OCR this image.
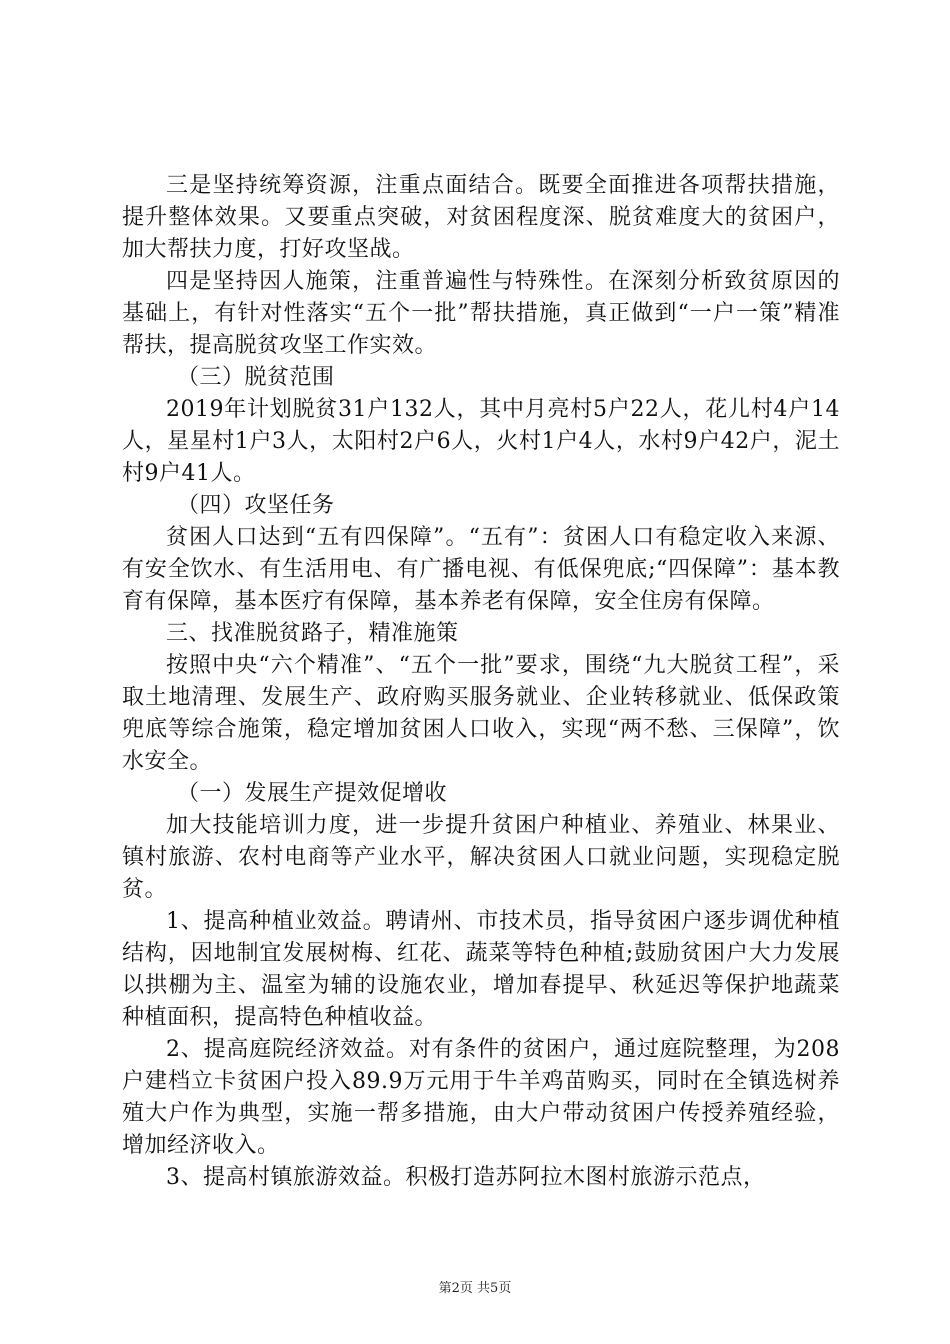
三是坚持统筹资源，注重点面结合。既要全面推进各项帮扶措施，提升整体效果。又要重点突破，对贫困程度深、脱贫难度大的贫困户，加大帮扶力度，打好攻坚战。

四是坚持因人施策，注重普遍性与特殊性。在深刻分析致贫原因的基础上，有针对性落实“五个一批”帮扶措施，真正做到“一户一策”精准帮扶，提高脱贫攻坚工作实效。

（三）脱贫范围

2019年计划脱贫31户132人，其中月亮村5户22人，花儿村4户14人，星星村1户3人，太阳村2户6人，火村1户4人，水村9户42户，泥土村9户41人。

（四）攻坚任务

贫困人口达到“五有四保障”。“五有”：贫困人口有稳定收入来源、有安全饮水、有生活用电、有广播电视、有低保兜底;“四保障”：基本教育有保障，基本医疗有保障，基本养老有保障，安全住房有保障。

三、找准脱贫路子，精准施策

按照中央“六个精准”、“五个一批”要求，围绕“九大脱贫工程”，采取土地清理、发展生产、政府购买服务就业、企业转移就业、低保政策兜底等综合施策，稳定增加贫困人口收入，实现“两不愁、三保障”，饮水安全。

（一）发展生产提效促增收

加大技能培训力度，进一步提升贫困户种植业、养殖业、林果业、镇村旅游、农村电商等产业水平，解决贫困人口就业问题，实现稳定脱贫。

1、提高种植业效益。聘请州、市技术员，指导贫困户逐步调优种植结构，因地制宜发展树梅、红花、蔬菜等特色种植;鼓励贫困户大力发展以拱棚为主、温室为辅的设施农业，增加春提早、秋延迟等保护地蔬菜种植面积，提高特色种植收益。

2、提高庭院经济效益。对有条件的贫困户，通过庭院整理，为208户建档立卡贫困户投入89.9万元用于牛羊鸡苗购买，同时在全镇选树养殖大户作为典型，实施一帮多措施，由大户带动贫困户传授养殖经验，增加经济收入。

3、提高村镇旅游效益。积极打造苏阿拉木图村旅游示范点，

第2页 共5页
